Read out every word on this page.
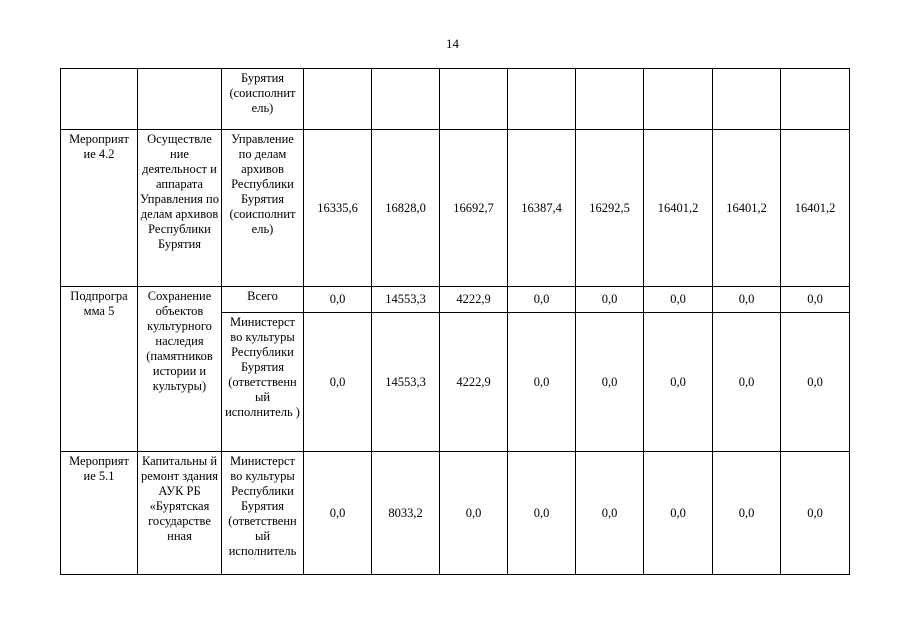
14
		Бурятия (соисполнит ель)								
Мероприят ие 4.2	Осуществле ние деятельност и аппарата Управления по делам архивов Республики Бурятия	Управление по делам архивов Республики Бурятия (соисполнит ель)	16335,6	16828,0	16692,7	16387,4	16292,5	16401,2	16401,2	16401,2
Подпрогра мма 5	Сохранение объектов культурного наследия (памятников истории и культуры)	Всего	0,0	14553,3	4222,9	0,0	0,0	0,0	0,0	0,0
		Министерст во культуры Республики Бурятия (ответственн ый исполнитель )	0,0	14553,3	4222,9	0,0	0,0	0,0	0,0	0,0
Мероприят ие 5.1	Капитальны й ремонт здания АУК РБ «Бурятская государстве нная	Министерст во культуры Республики Бурятия (ответственн ый исполнитель	0,0	8033,2	0,0	0,0	0,0	0,0	0,0	0,0
